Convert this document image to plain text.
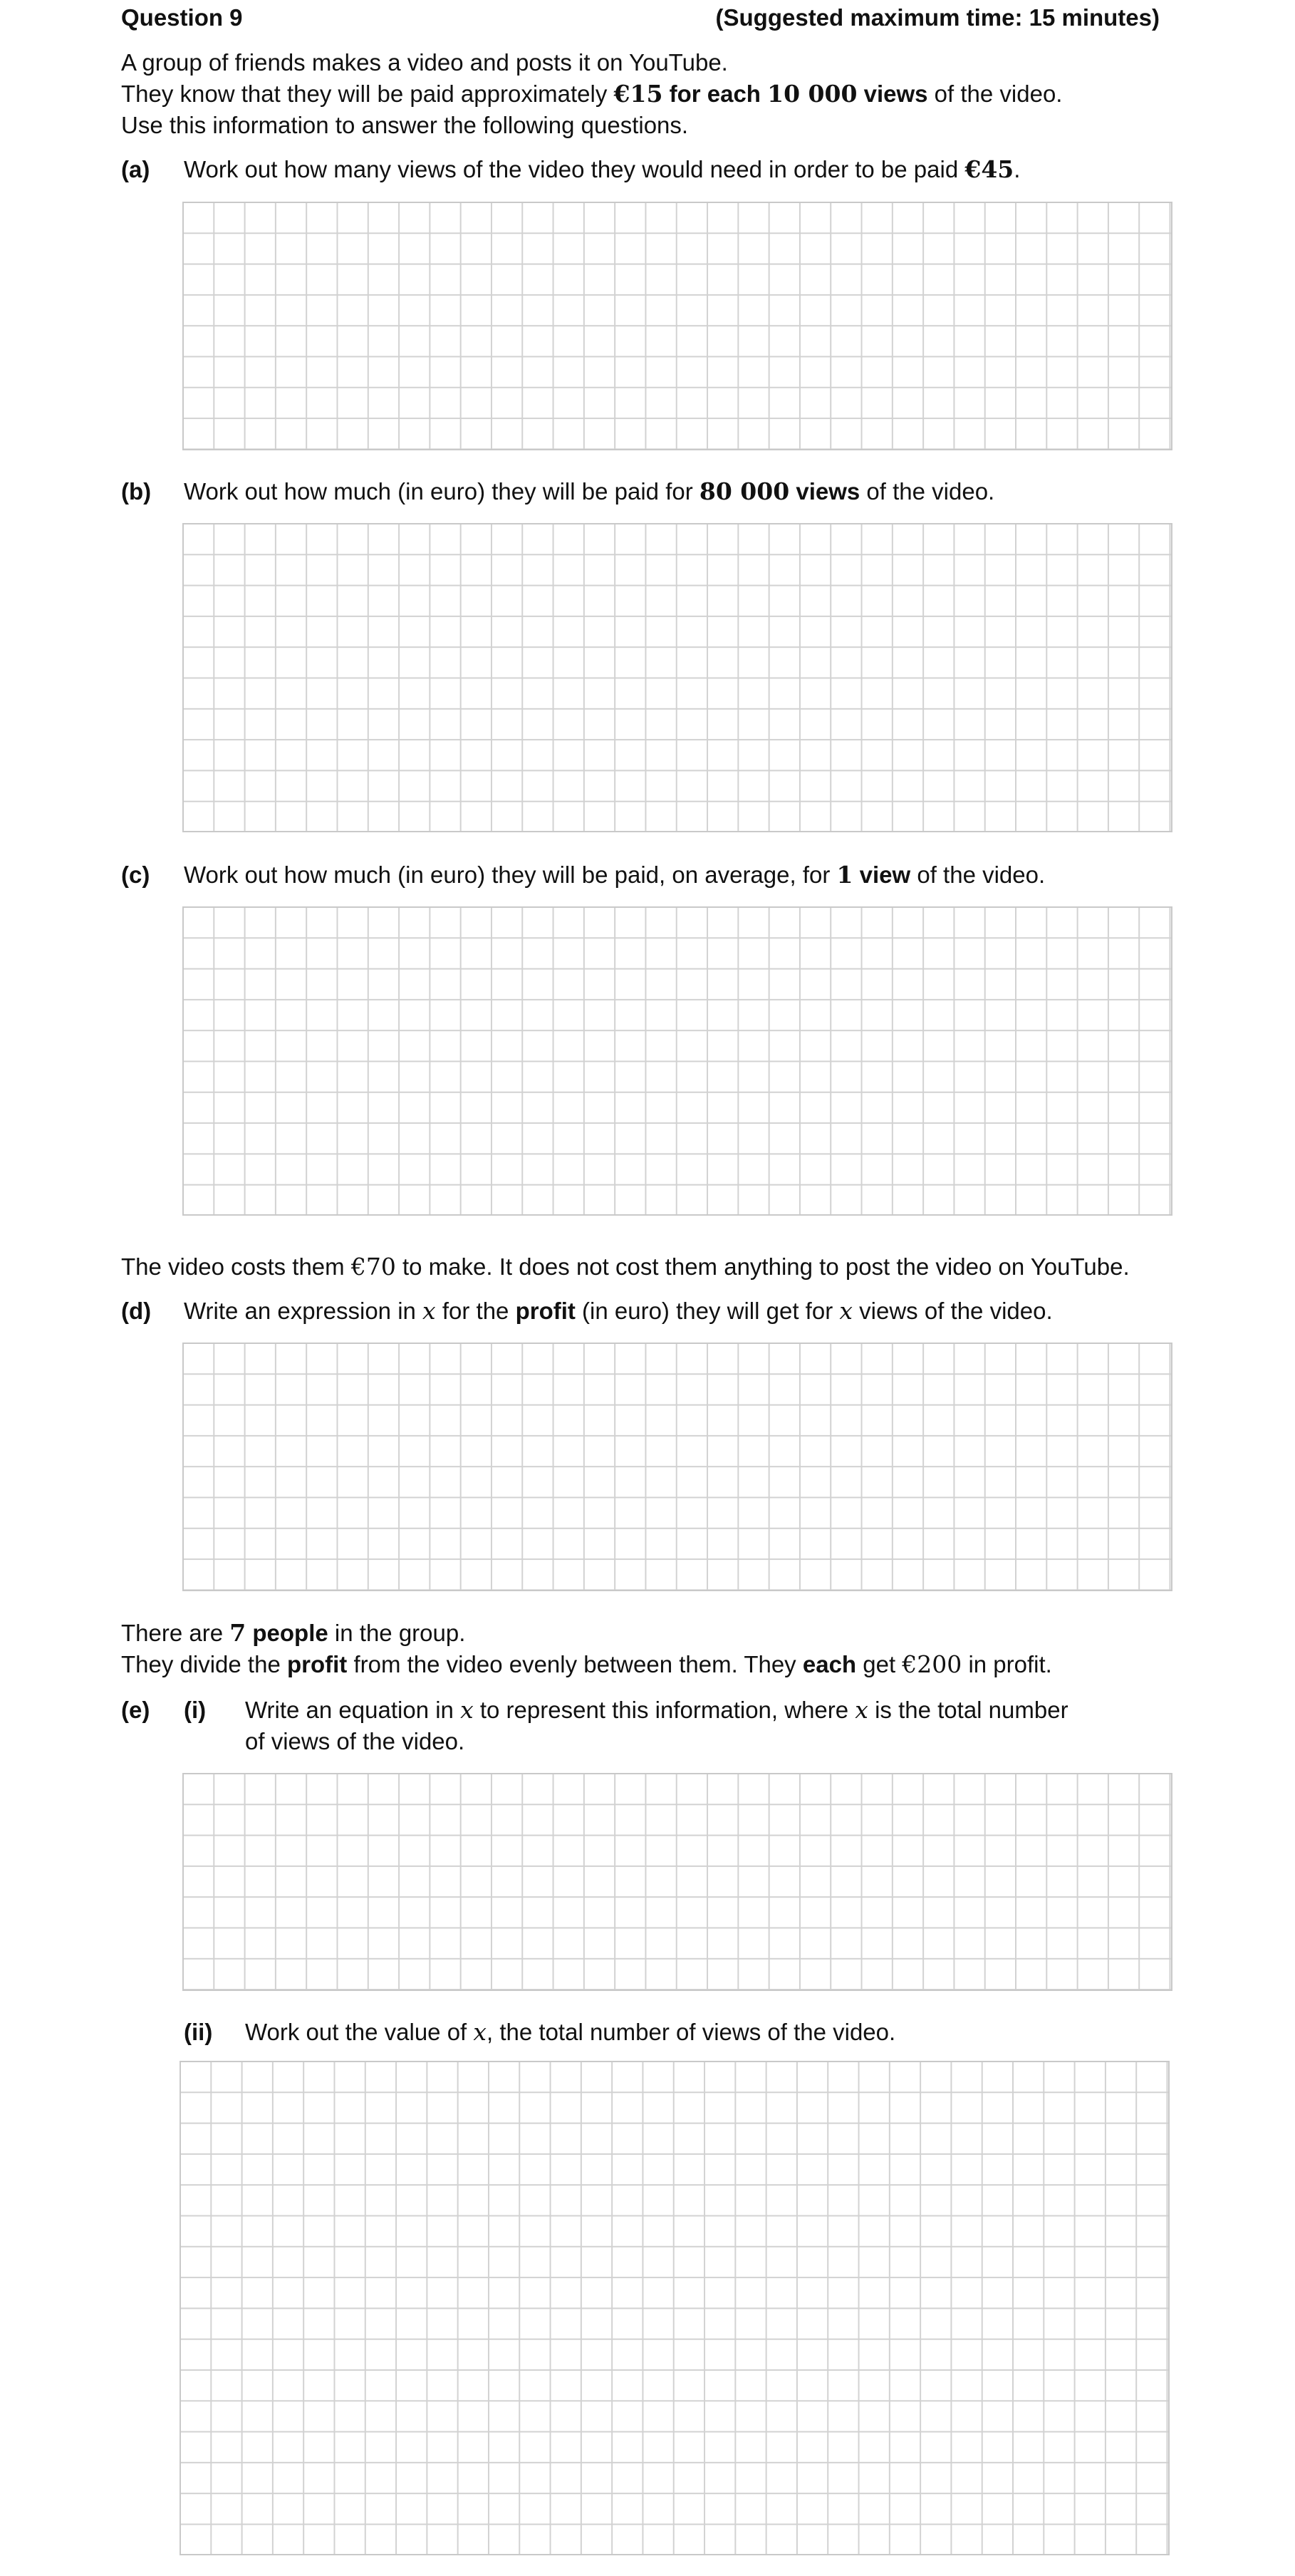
Question 9	(Suggested maximum time: 15 minutes)
A group of friends makes a video and posts it on YouTube.
They know that they will be paid approximately €15 for each 10 000 views of the video.
Use this information to answer the following questions.
(a) Work out how many views of the video they would need in order to be paid €45.
(b) Work out how much (in euro) they will be paid for 80 000 views of the video.
(c) Work out how much (in euro) they will be paid, on average, for 1 view of the video.
The video costs them €70 to make. It does not cost them anything to post the video on YouTube.
(d) Write an expression in x for the profit (in euro) they will get for x views of the video.
There are 7 people in the group.
They divide the profit from the video evenly between them. They each get €200 in profit.
(e) (i) Write an equation in x to represent this information, where x is the total number
of views of the video.
(ii) Work out the value of x, the total number of views of the video.
